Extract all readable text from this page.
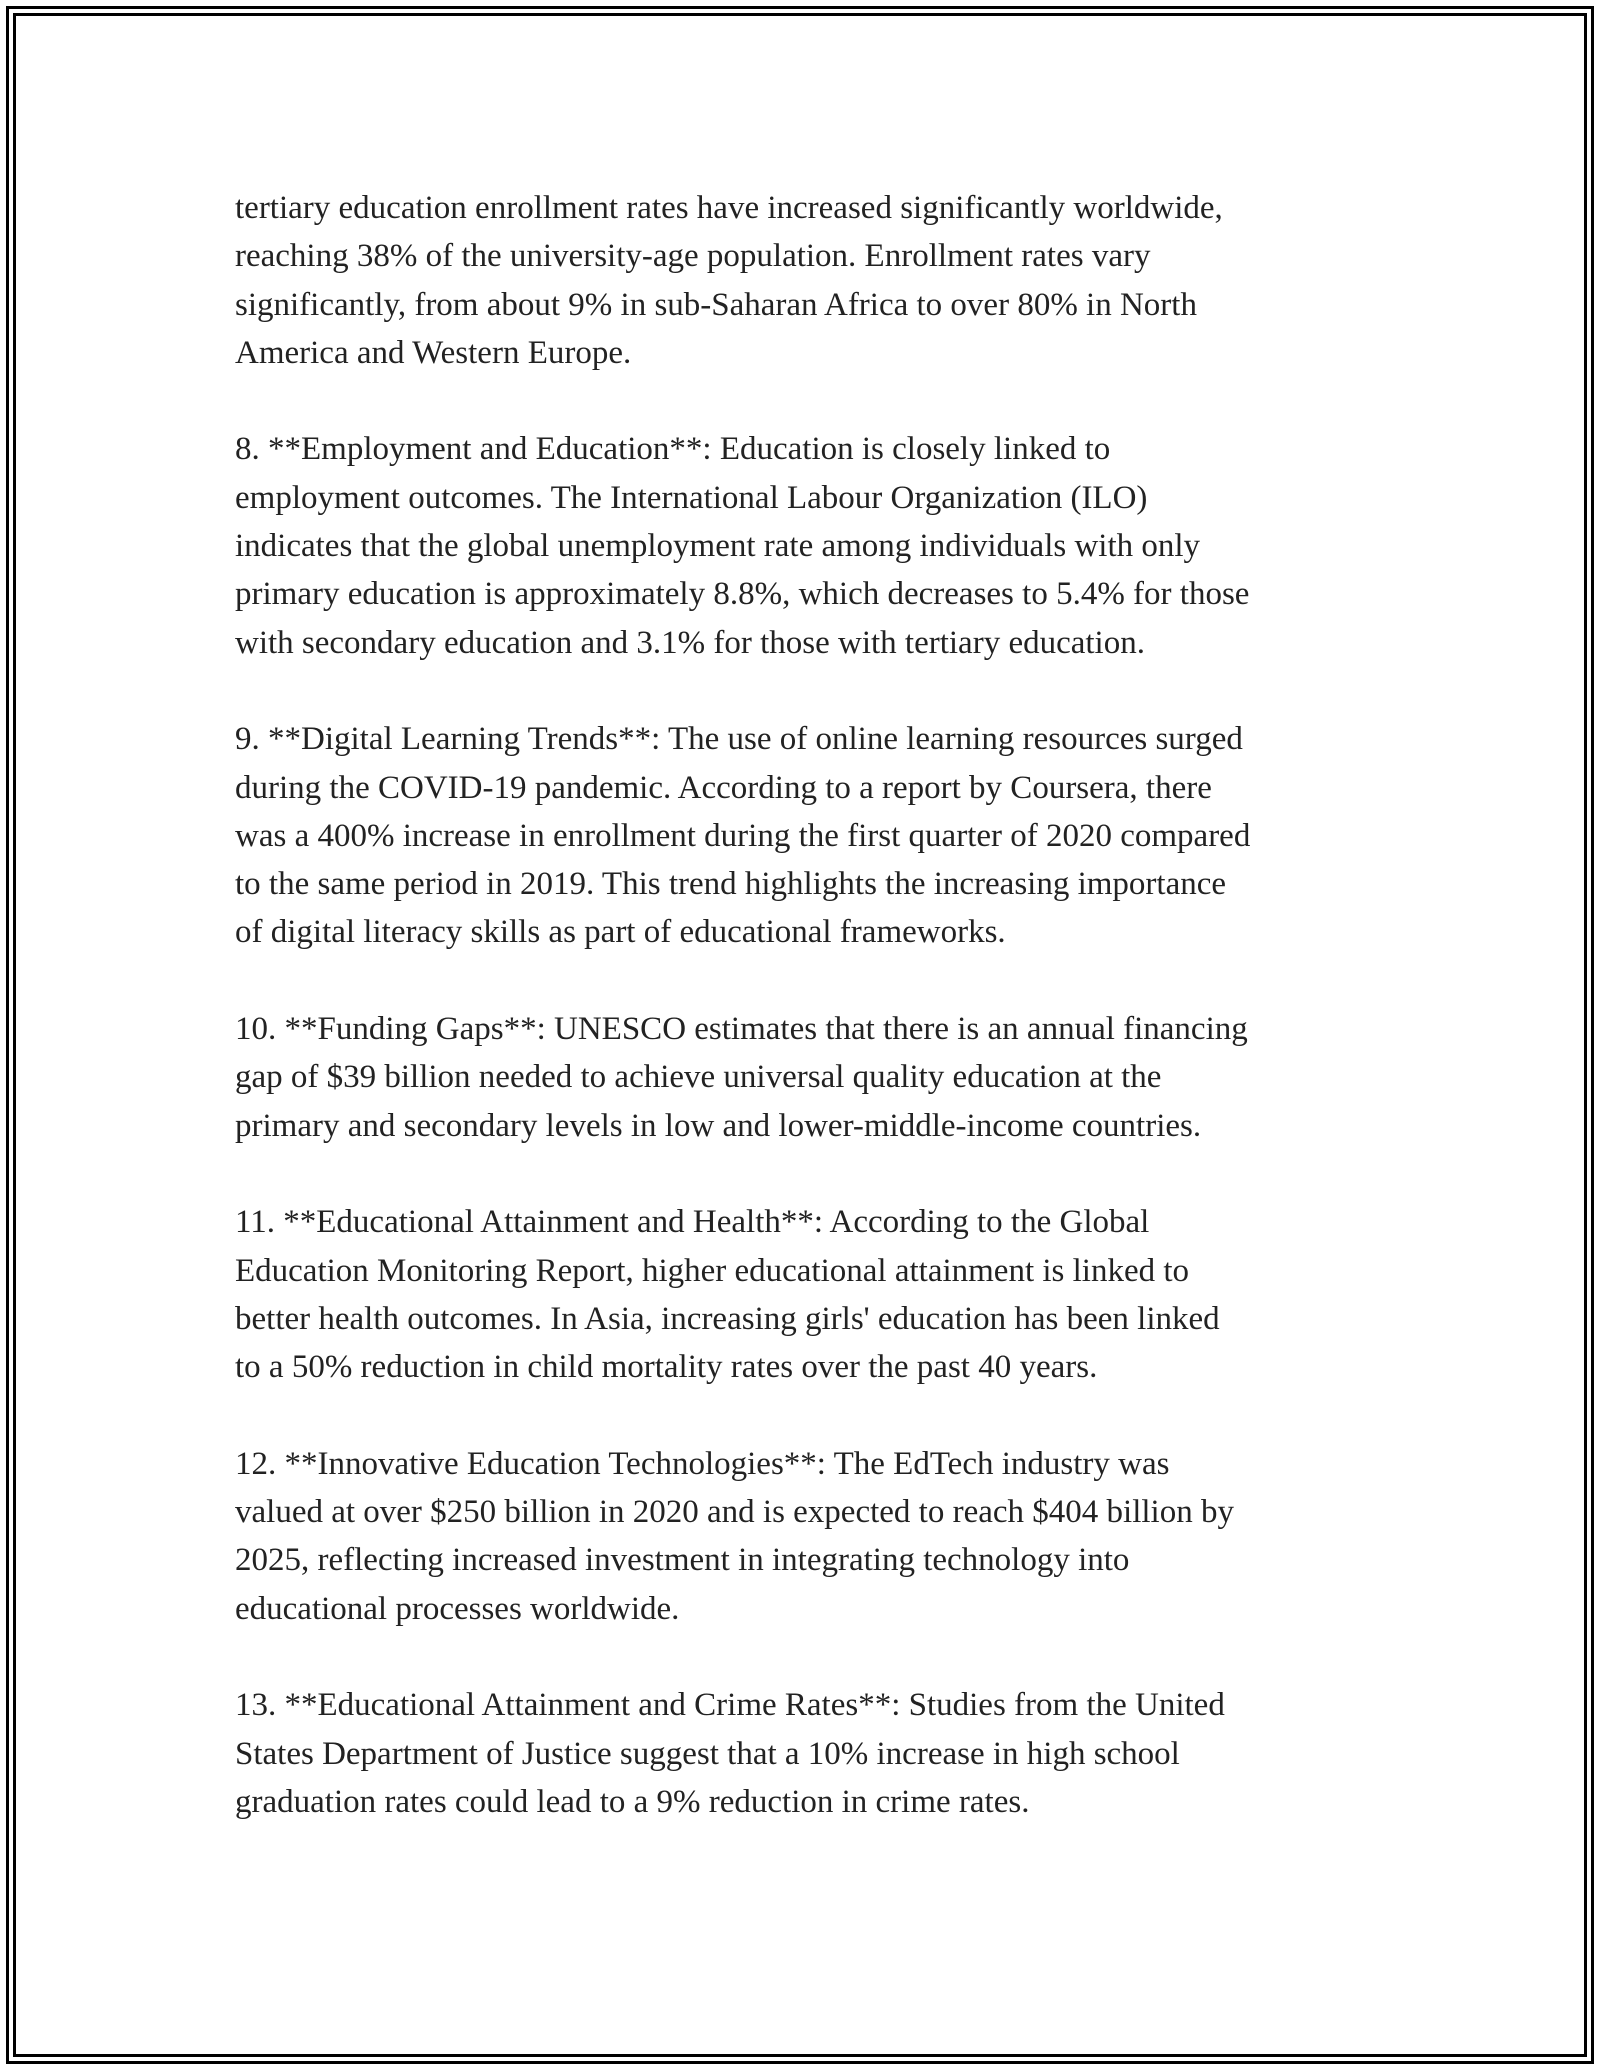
tertiary education enrollment rates have increased significantly worldwide,
reaching 38% of the university-age population. Enrollment rates vary
significantly, from about 9% in sub-Saharan Africa to over 80% in North
America and Western Europe.

8. **Employment and Education**: Education is closely linked to
employment outcomes. The International Labour Organization (ILO)
indicates that the global unemployment rate among individuals with only
primary education is approximately 8.8%, which decreases to 5.4% for those
with secondary education and 3.1% for those with tertiary education.

9. **Digital Learning Trends**: The use of online learning resources surged
during the COVID-19 pandemic. According to a report by Coursera, there
was a 400% increase in enrollment during the first quarter of 2020 compared
to the same period in 2019. This trend highlights the increasing importance
of digital literacy skills as part of educational frameworks.

10. **Funding Gaps**: UNESCO estimates that there is an annual financing
gap of $39 billion needed to achieve universal quality education at the
primary and secondary levels in low and lower-middle-income countries.

11. **Educational Attainment and Health**: According to the Global
Education Monitoring Report, higher educational attainment is linked to
better health outcomes. In Asia, increasing girls' education has been linked
to a 50% reduction in child mortality rates over the past 40 years.

12. **Innovative Education Technologies**: The EdTech industry was
valued at over $250 billion in 2020 and is expected to reach $404 billion by
2025, reflecting increased investment in integrating technology into
educational processes worldwide.

13. **Educational Attainment and Crime Rates**: Studies from the United
States Department of Justice suggest that a 10% increase in high school
graduation rates could lead to a 9% reduction in crime rates.
